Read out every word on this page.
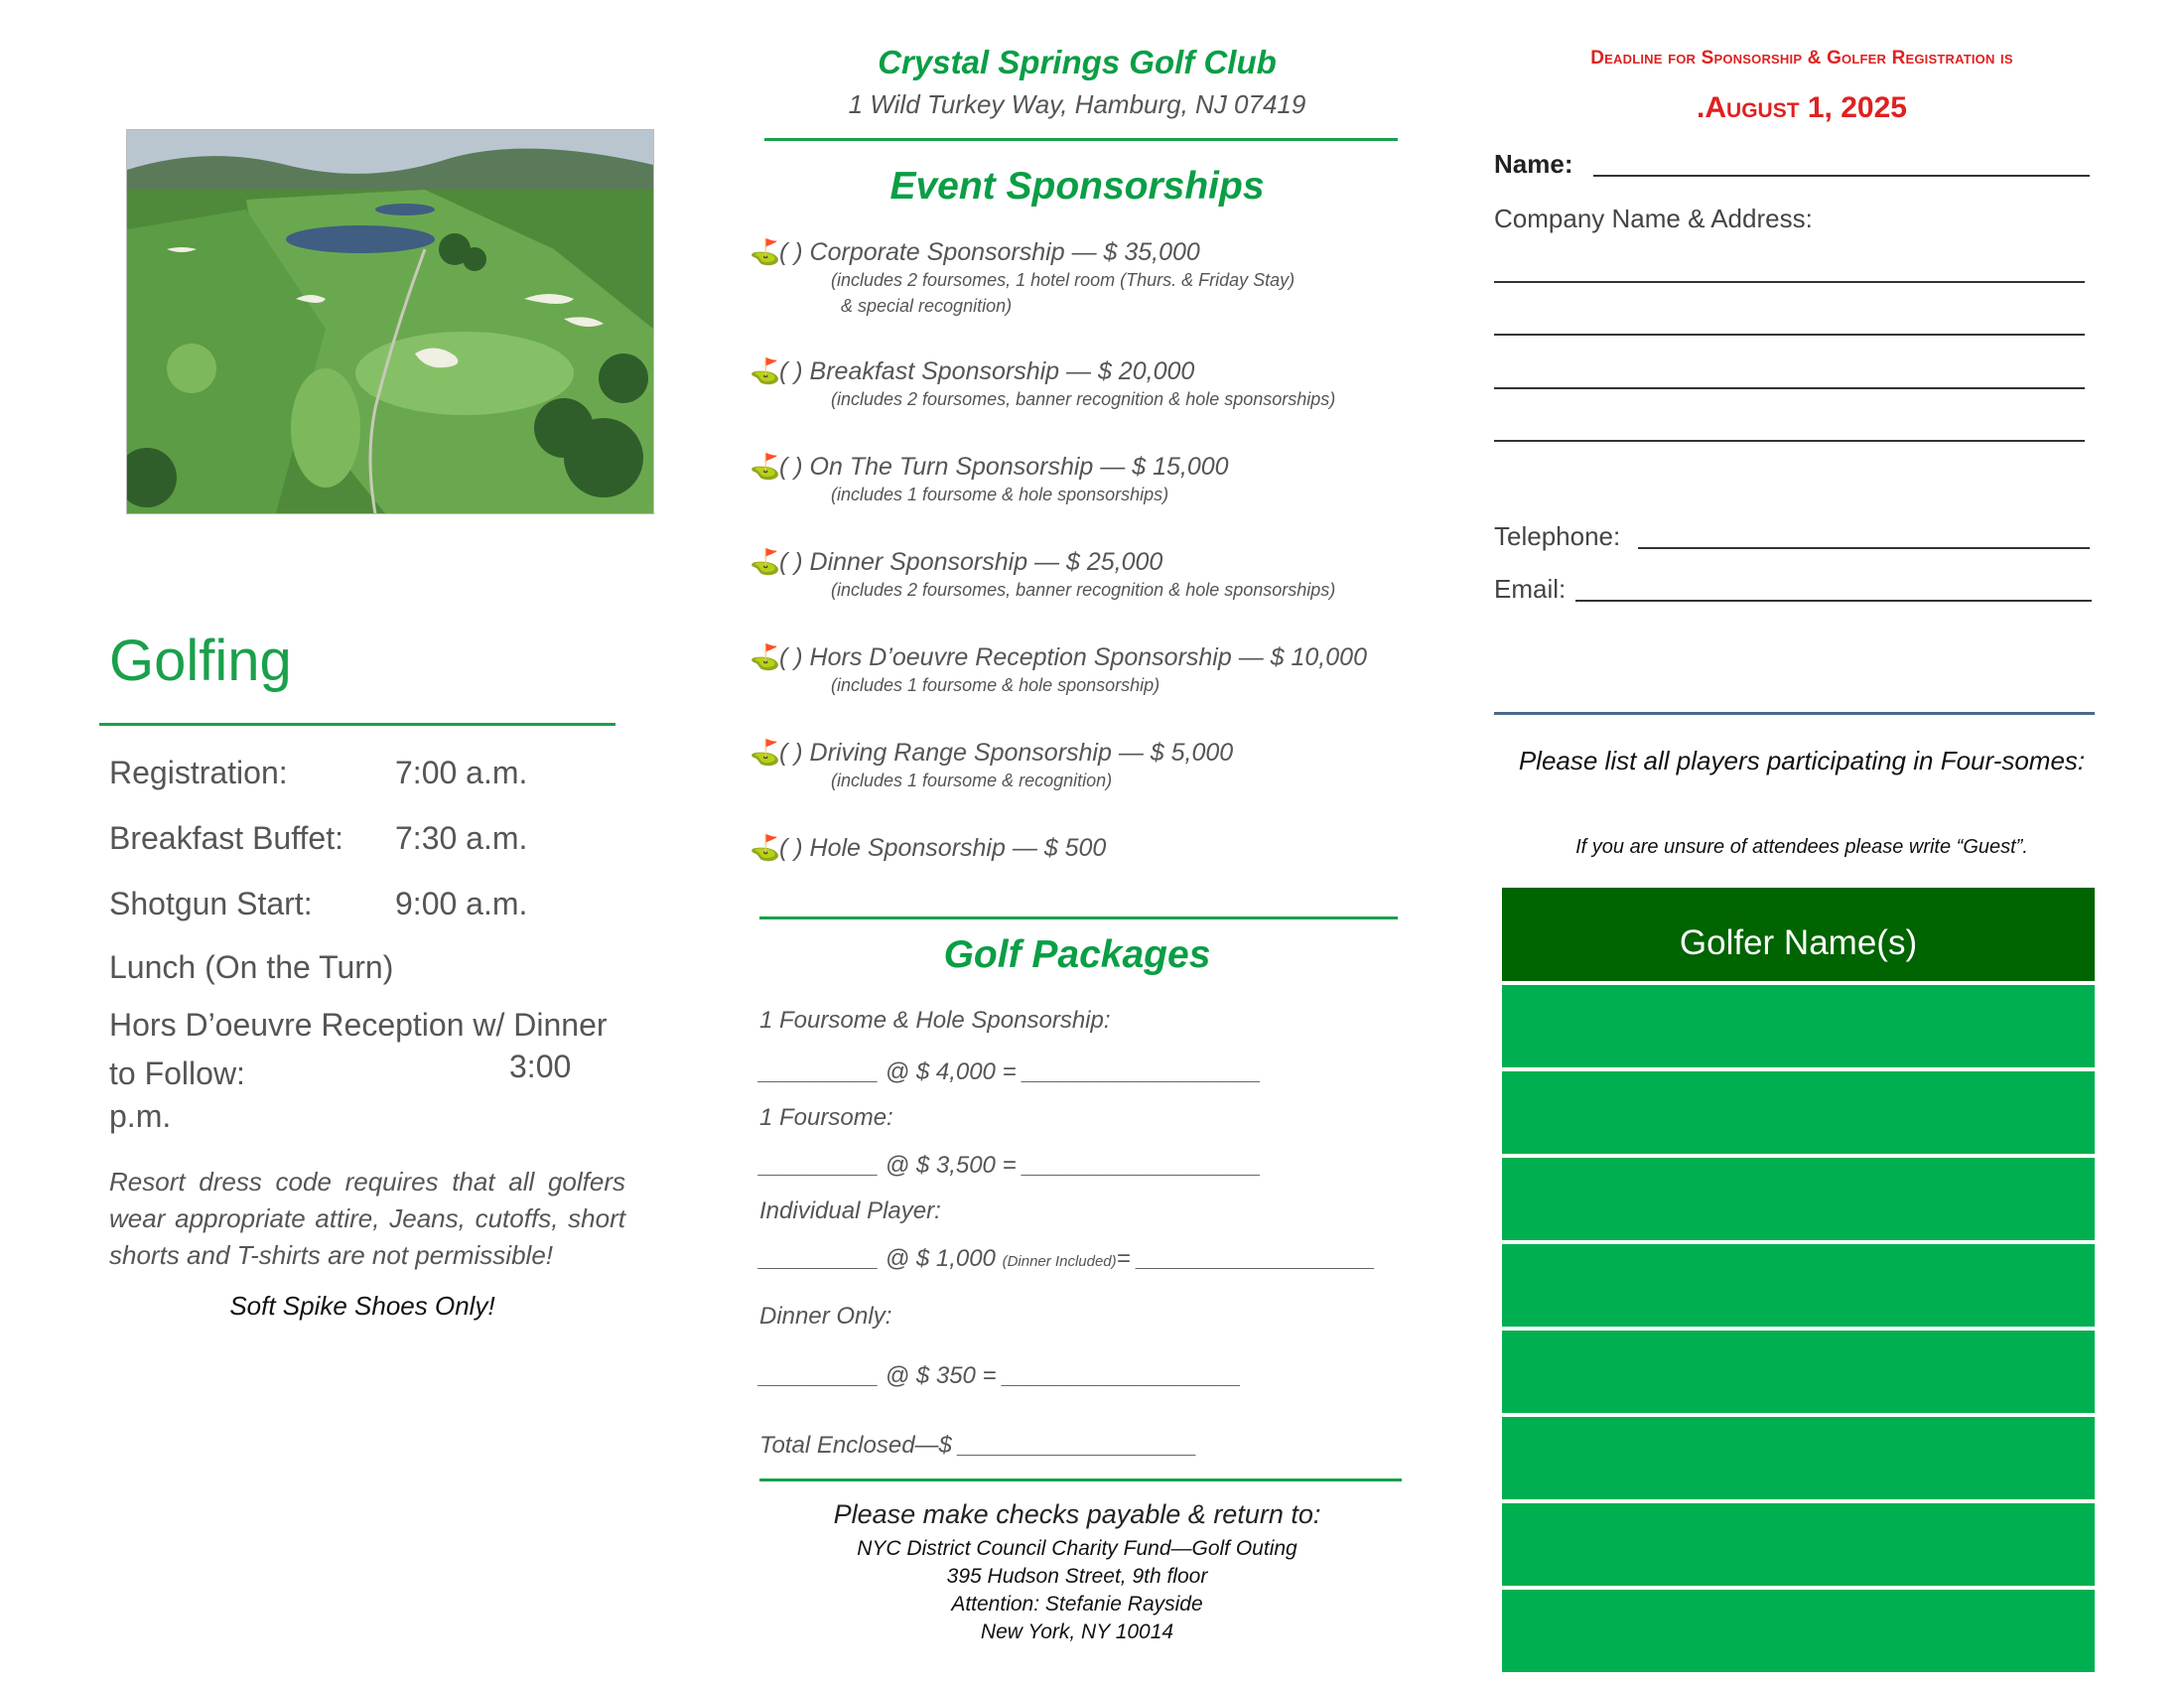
Golfing
Registration:	7:00 a.m.
Breakfast Buffet: 7:30 a.m.
Shotgun Start:	9:00 a.m.
Lunch (On the Turn)
Hors D’oeuvre Reception w/ Dinner to Follow:	3:00
p.m.
Resort dress code requires that all golfers wear appropriate attire, Jeans, cutoffs, short shorts and T-shirts are not permissible!
Soft Spike Shoes Only!
Crystal Springs Golf Club
1 Wild Turkey Way, Hamburg, NJ 07419
Event Sponsorships
⛳( ) Corporate Sponsorship — $ 35,000
(includes 2 foursomes, 1 hotel room (Thurs. & Friday Stay)
& special recognition)
⛳( ) Breakfast Sponsorship — $ 20,000
(includes 2 foursomes, banner recognition & hole sponsorships)
⛳( ) On The Turn Sponsorship — $ 15,000
(includes 1 foursome & hole sponsorships)
⛳( ) Dinner Sponsorship — $ 25,000
(includes 2 foursomes, banner recognition & hole sponsorships)
⛳( ) Hors D’oeuvre Reception Sponsorship — $ 10,000
(includes 1 foursome & hole sponsorship)
⛳( ) Driving Range Sponsorship — $ 5,000
(includes 1 foursome & recognition)
⛳( ) Hole Sponsorship — $ 500
Golf Packages
1 Foursome & Hole Sponsorship:
_________ @ $ 4,000 = __________________
1 Foursome:
_________ @ $ 3,500 = __________________
Individual Player:
_________ @ $ 1,000 (Dinner Included)= __________________
Dinner Only:
_________ @ $ 350 = __________________
Total Enclosed—$ __________________
Please make checks payable & return to:
NYC District Council Charity Fund—Golf Outing
395 Hudson Street, 9th floor
Attention: Stefanie Rayside
New York, NY 10014
Deadline for Sponsorship & Golfer Registration is
.August 1, 2025
Name:
Company Name & Address:
Telephone:
Email:
Please list all players participating in Four-somes:
If you are unsure of attendees please write “Guest”.
Golfer Name(s)
